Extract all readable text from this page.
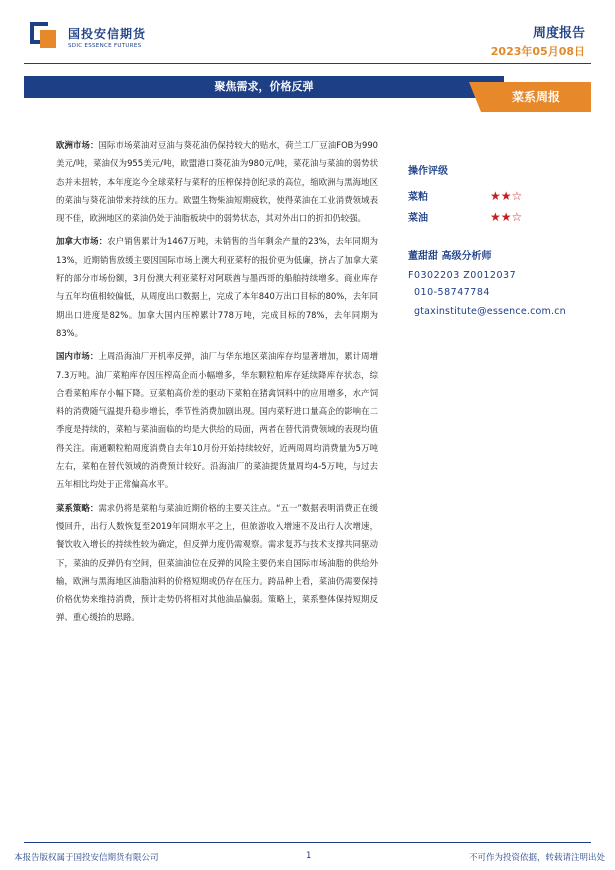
国投安信期货
SDIC ESSENCE FUTURES
周度报告
2023年05月08日
聚焦需求，价格反弹
菜系周报

欧洲市场：国际市场菜油对豆油与葵花油仍保持较大的贴水，荷兰工厂豆油FOB为990美元/吨，菜油仅为955美元/吨，欧盟港口葵花油为980元/吨，菜花油与菜油的弱势状态并未扭转，本年度迄今全球菜籽与菜籽的压榨保持创纪录的高位，缩欧洲与黑海地区的菜油与葵花油带来持续的压力。欧盟生物柴油短期疲软，使得菜油在工业消费领域表现不佳，欧洲地区的菜油仍处于油脂板块中的弱势状态，其对外出口的折扣仍较强。

加拿大市场：农户销售累计为1467万吨，未销售的当年剩余产量的23%，去年同期为13%，近期销售放缓主要因国际市场上澳大利亚菜籽的报价更为低廉，挤占了加拿大菜籽的部分市场份额，3月份澳大利亚菜籽对阿联酋与墨西哥的船舶持续增多。商业库存与五年均值相较偏低，从周度出口数据上，完成了本年840万出口目标的80%，去年同期出口进度是82%。加拿大国内压榨累计778万吨，完成目标的78%，去年同期为83%。

国内市场：上周沿海油厂开机率反弹，油厂与华东地区菜油库存均显著增加，累计周增7.3万吨。油厂菜粕库存因压榨高企而小幅增多，华东颗粒粕库存延续降库存状态，综合看菜粕库存小幅下降。豆菜粕高价差的驱动下菜粕在猪禽饲料中的应用增多，水产饲料的消费随气温提升稳步增长，季节性消费加剧出现。国内菜籽进口量高企的影响在二季度是持续的，菜粕与菜油面临的均是大供给的局面，两者在替代消费领域的表现均值得关注。南通颗粒粕周度消费自去年10月份开始持续较好，近两周周均消费量为5万吨左右，菜粕在替代领域的消费预计较好。沿海油厂的菜油提货量周均4-5万吨，与过去五年相比均处于正常偏高水平。

菜系策略：需求仍将是菜粕与菜油近期价格的主要关注点。“五一”数据表明消费正在缓慢回升，出行人数恢复至2019年同期水平之上，但旅游收入增速不及出行人次增速，餐饮收入增长的持续性较为确定，但反弹力度仍需观察。需求复苏与技术支撑共同驱动下，菜油的反弹仍有空间，但菜油油位在反弹的风险主要仍来自国际市场油脂的供给外输，欧洲与黑海地区油脂油料的价格短期或仍存在压力。跨品种上看，菜油仍需要保持价格优势来维持消费，预计走势仍将相对其他油品偏弱。策略上，菜系整体保持短期反弹、重心缓抬的思路。

操作评级
菜粕	★★☆
菜油	★★☆
董甜甜 高级分析师
F0302203 Z0012037
010-58747784
gtaxinstitute@essence.com.cn
本报告版权属于国投安信期货有限公司	1	不可作为投资依据，转载请注明出处
